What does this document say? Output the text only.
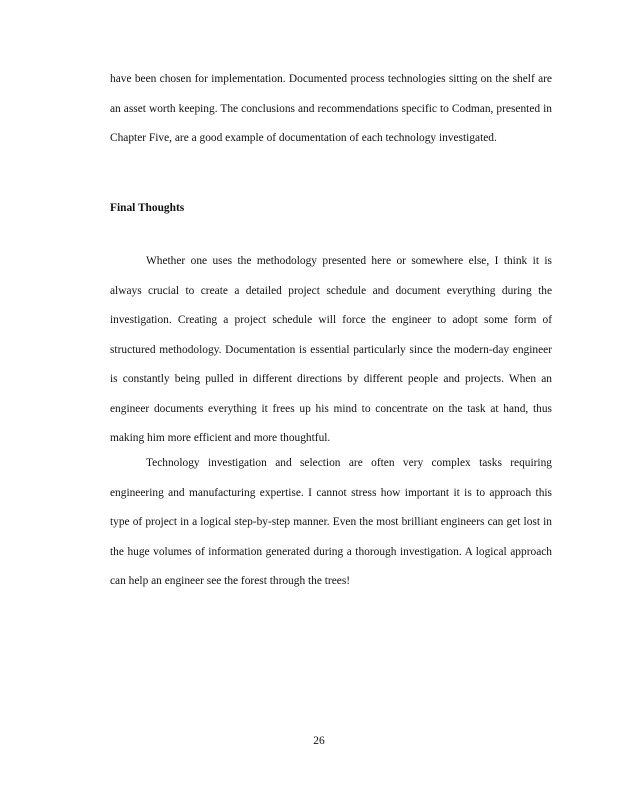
have been chosen for implementation. Documented process technologies sitting on the shelf are an asset worth keeping. The conclusions and recommendations specific to Codman, presented in Chapter Five, are a good example of documentation of each technology investigated.

Final Thoughts

Whether one uses the methodology presented here or somewhere else, I think it is always crucial to create a detailed project schedule and document everything during the investigation. Creating a project schedule will force the engineer to adopt some form of structured methodology. Documentation is essential particularly since the modern-day engineer is constantly being pulled in different directions by different people and projects. When an engineer documents everything it frees up his mind to concentrate on the task at hand, thus making him more efficient and more thoughtful.

Technology investigation and selection are often very complex tasks requiring engineering and manufacturing expertise. I cannot stress how important it is to approach this type of project in a logical step-by-step manner. Even the most brilliant engineers can get lost in the huge volumes of information generated during a thorough investigation. A logical approach can help an engineer see the forest through the trees!

26
